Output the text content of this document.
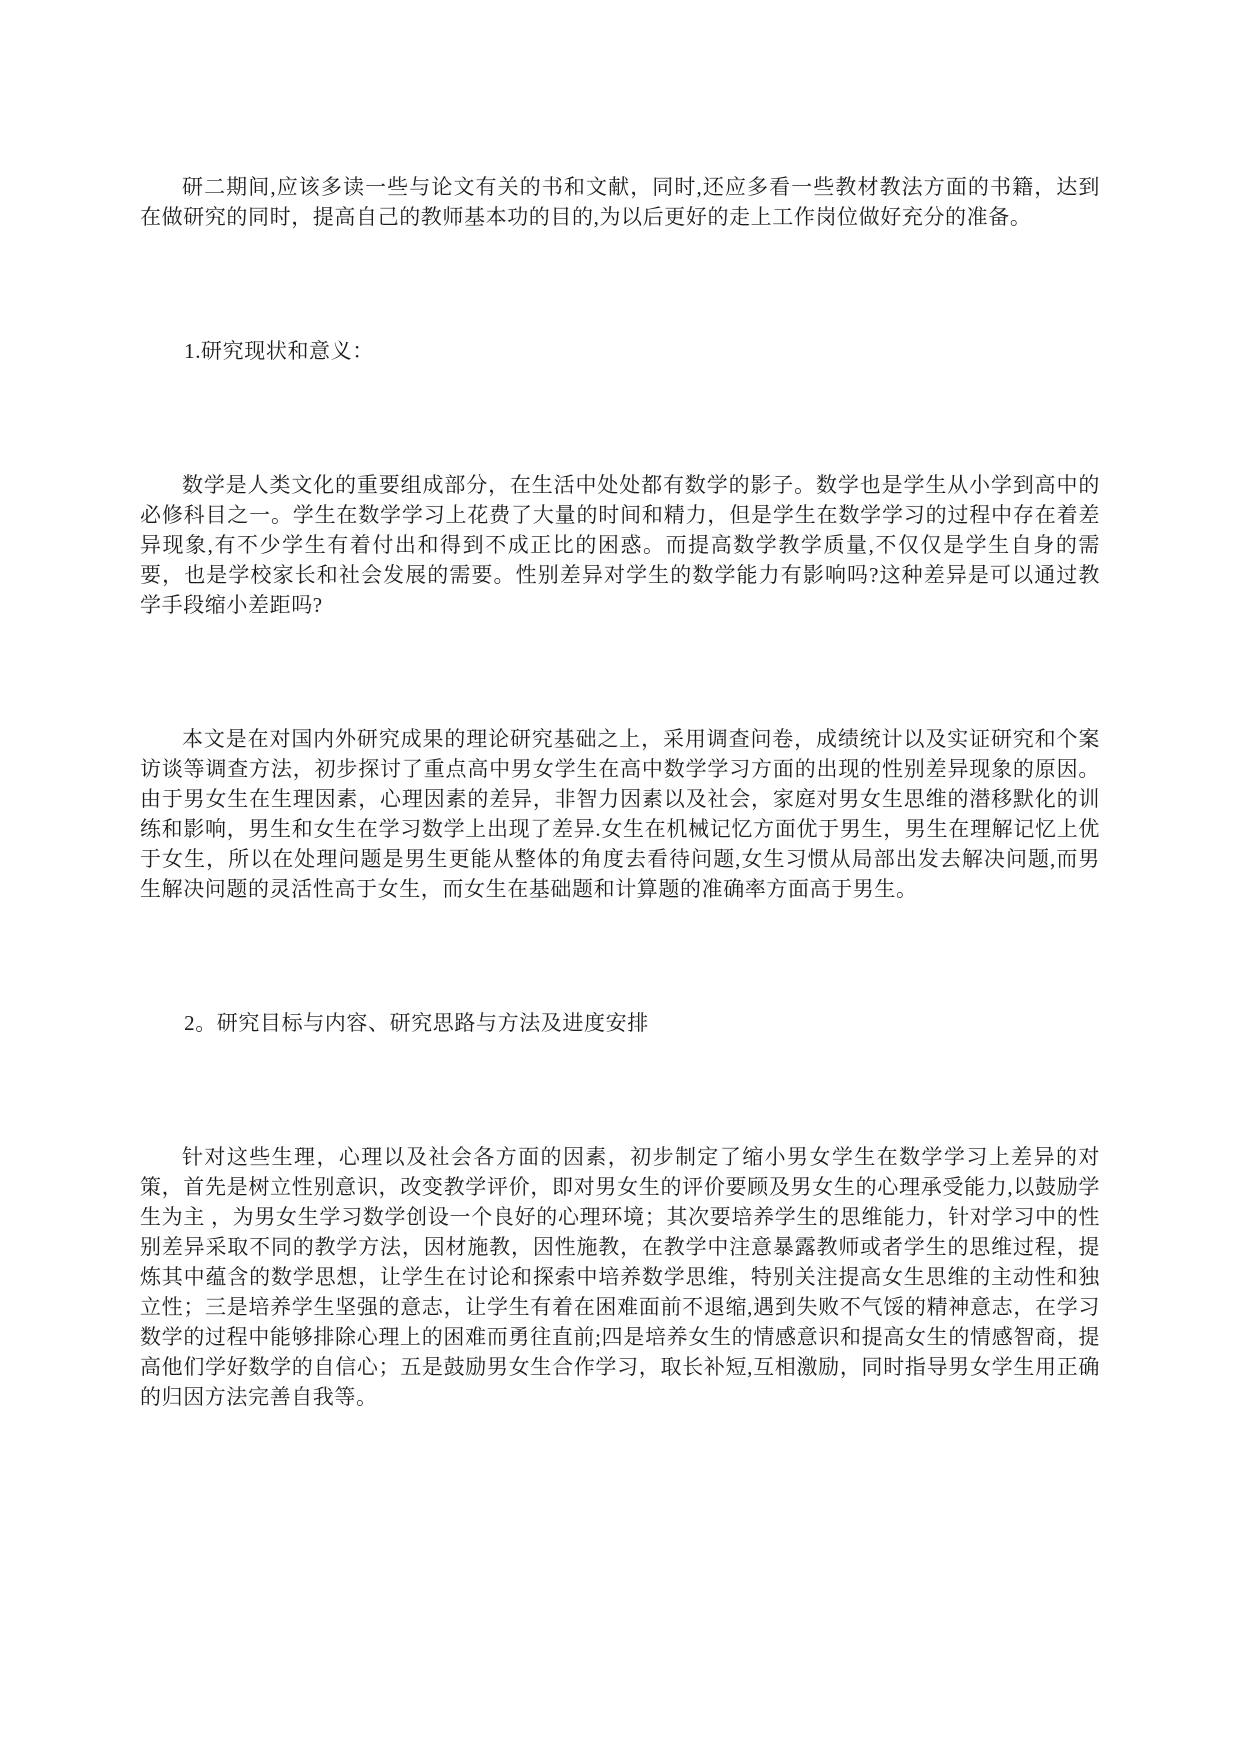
研二期间,应该多读一些与论文有关的书和文献，同时,还应多看一些教材教法方面的书籍，达到在做研究的同时，提高自己的教师基本功的目的,为以后更好的走上工作岗位做好充分的准备。

1.研究现状和意义：

数学是人类文化的重要组成部分，在生活中处处都有数学的影子。数学也是学生从小学到高中的必修科目之一。学生在数学学习上花费了大量的时间和精力，但是学生在数学学习的过程中存在着差异现象,有不少学生有着付出和得到不成正比的困惑。而提高数学教学质量,不仅仅是学生自身的需要，也是学校家长和社会发展的需要。性别差异对学生的数学能力有影响吗?这种差异是可以通过教学手段缩小差距吗?

本文是在对国内外研究成果的理论研究基础之上，采用调查问卷，成绩统计以及实证研究和个案访谈等调查方法，初步探讨了重点高中男女学生在高中数学学习方面的出现的性别差异现象的原因。由于男女生在生理因素，心理因素的差异，非智力因素以及社会，家庭对男女生思维的潜移默化的训练和影响，男生和女生在学习数学上出现了差异.女生在机械记忆方面优于男生，男生在理解记忆上优于女生，所以在处理问题是男生更能从整体的角度去看待问题,女生习惯从局部出发去解决问题,而男生解决问题的灵活性高于女生，而女生在基础题和计算题的准确率方面高于男生。

2。研究目标与内容、研究思路与方法及进度安排

针对这些生理，心理以及社会各方面的因素，初步制定了缩小男女学生在数学学习上差异的对策，首先是树立性别意识，改变教学评价，即对男女生的评价要顾及男女生的心理承受能力,以鼓励学生为主 ，为男女生学习数学创设一个良好的心理环境；其次要培养学生的思维能力，针对学习中的性别差异采取不同的教学方法，因材施教，因性施教，在教学中注意暴露教师或者学生的思维过程，提炼其中蕴含的数学思想，让学生在讨论和探索中培养数学思维，特别关注提高女生思维的主动性和独立性；三是培养学生坚强的意志，让学生有着在困难面前不退缩,遇到失败不气馁的精神意志，在学习数学的过程中能够排除心理上的困难而勇往直前;四是培养女生的情感意识和提高女生的情感智商，提高他们学好数学的自信心；五是鼓励男女生合作学习，取长补短,互相激励，同时指导男女学生用正确的归因方法完善自我等。
